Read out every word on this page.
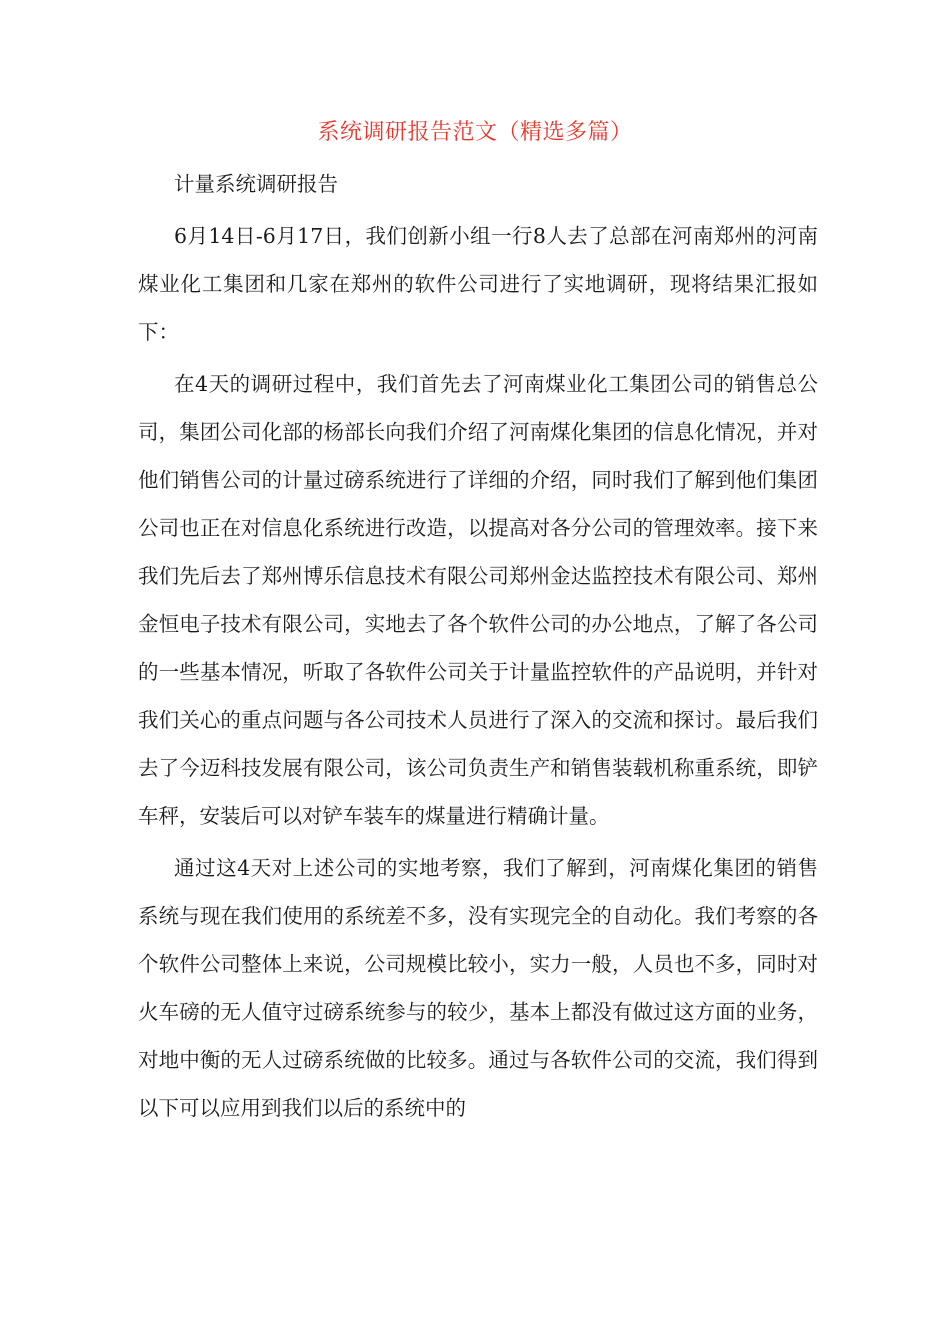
系统调研报告范文（精选多篇）

计量系统调研报告

6月14日-6月17日，我们创新小组一行8人去了总部在河南郑州的河南煤业化工集团和几家在郑州的软件公司进行了实地调研，现将结果汇报如下：

在4天的调研过程中，我们首先去了河南煤业化工集团公司的销售总公司，集团公司化部的杨部长向我们介绍了河南煤化集团的信息化情况，并对他们销售公司的计量过磅系统进行了详细的介绍，同时我们了解到他们集团公司也正在对信息化系统进行改造，以提高对各分公司的管理效率。接下来我们先后去了郑州博乐信息技术有限公司郑州金达监控技术有限公司、郑州金恒电子技术有限公司，实地去了各个软件公司的办公地点，了解了各公司的一些基本情况，听取了各软件公司关于计量监控软件的产品说明，并针对我们关心的重点问题与各公司技术人员进行了深入的交流和探讨。最后我们去了今迈科技发展有限公司，该公司负责生产和销售装载机称重系统，即铲车秤，安装后可以对铲车装车的煤量进行精确计量。

通过这4天对上述公司的实地考察，我们了解到，河南煤化集团的销售系统与现在我们使用的系统差不多，没有实现完全的自动化。我们考察的各个软件公司整体上来说，公司规模比较小，实力一般，人员也不多，同时对火车磅的无人值守过磅系统参与的较少，基本上都没有做过这方面的业务，对地中衡的无人过磅系统做的比较多。通过与各软件公司的交流，我们得到以下可以应用到我们以后的系统中的
